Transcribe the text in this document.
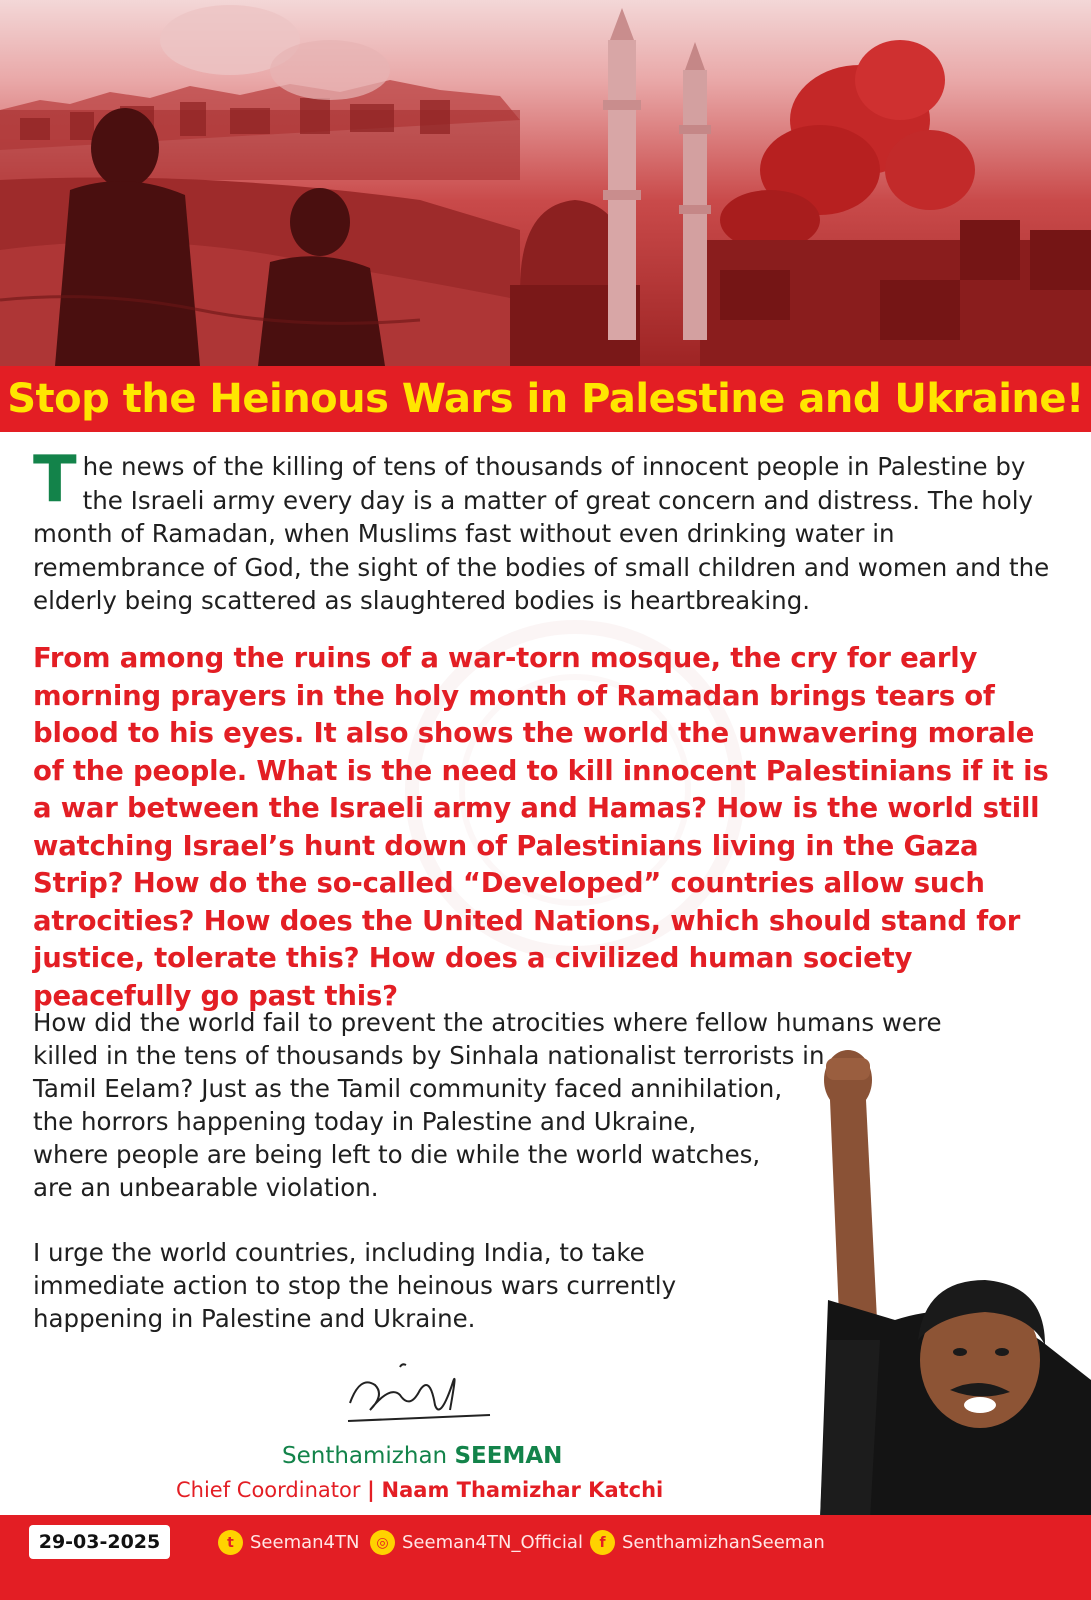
Stop the Heinous Wars in Palestine and Ukraine!
The news of the killing of tens of thousands of innocent people in Palestine by the Israeli army every day is a matter of great concern and distress. The holy month of Ramadan, when Muslims fast without even drinking water in remembrance of God, the sight of the bodies of small children and women and the elderly being scattered as slaughtered bodies is heartbreaking.
From among the ruins of a war-torn mosque, the cry for early morning prayers in the holy month of Ramadan brings tears of blood to his eyes. It also shows the world the unwavering morale of the people. What is the need to kill innocent Palestinians if it is a war between the Israeli army and Hamas? How is the world still watching Israel’s hunt down of Palestinians living in the Gaza Strip? How do the so-called “Developed” countries allow such atrocities? How does the United Nations, which should stand for justice, tolerate this? How does a civilized human society peacefully go past this?
How did the world fail to prevent the atrocities where fellow humans were
killed in the tens of thousands by Sinhala nationalist terrorists in
Tamil Eelam? Just as the Tamil community faced annihilation,
the horrors happening today in Palestine and Ukraine,
where people are being left to die while the world watches,
are an unbearable violation.
I urge the world countries, including India, to take
immediate action to stop the heinous wars currently
happening in Palestine and Ukraine.
Senthamizhan SEEMAN
Chief Coordinator | Naam Thamizhar Katchi
29-03-2025	t Seeman4TN	◎ Seeman4TN_Official	f SenthamizhanSeeman
